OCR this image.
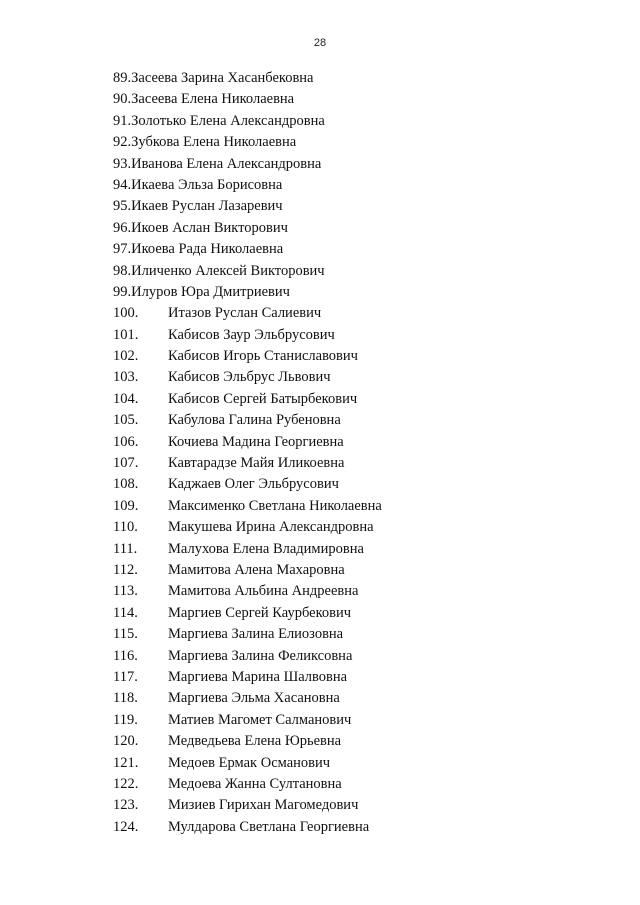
28
89.Засеева Зарина Хасанбековна
90.Засеева Елена Николаевна
91.Золотько Елена Александровна
92.Зубкова Елена Николаевна
93.Иванова Елена Александровна
94.Икаева Эльза Борисовна
95.Икаев Руслан Лазаревич
96.Икоев Аслан Викторович
97.Икоева Рада Николаевна
98.Иличенко Алексей Викторович
99.Илуров Юра Дмитриевич
100. Итазов Руслан Салиевич
101. Кабисов Заур Эльбрусович
102. Кабисов Игорь Станиславович
103. Кабисов Эльбрус Львович
104. Кабисов Сергей Батырбекович
105. Кабулова Галина Рубеновна
106. Кочиева Мадина Георгиевна
107. Кавтарадзе Майя Иликоевна
108. Каджаев Олег Эльбрусович
109. Максименко Светлана Николаевна
110. Макушева Ирина Александровна
111. Малухова Елена Владимировна
112. Мамитова Алена Махаровна
113. Мамитова Альбина Андреевна
114. Маргиев Сергей Каурбекович
115. Маргиева Залина Елиозовна
116. Маргиева Залина Феликсовна
117. Маргиева Марина Шалвовна
118. Маргиева Эльма Хасановна
119. Матиев Магомет Салманович
120. Медведьева Елена Юрьевна
121. Медоев Ермак Османович
122. Медоева Жанна Султановна
123. Мизиев Гирихан Магомедович
124. Мулдарова Светлана Георгиевна
